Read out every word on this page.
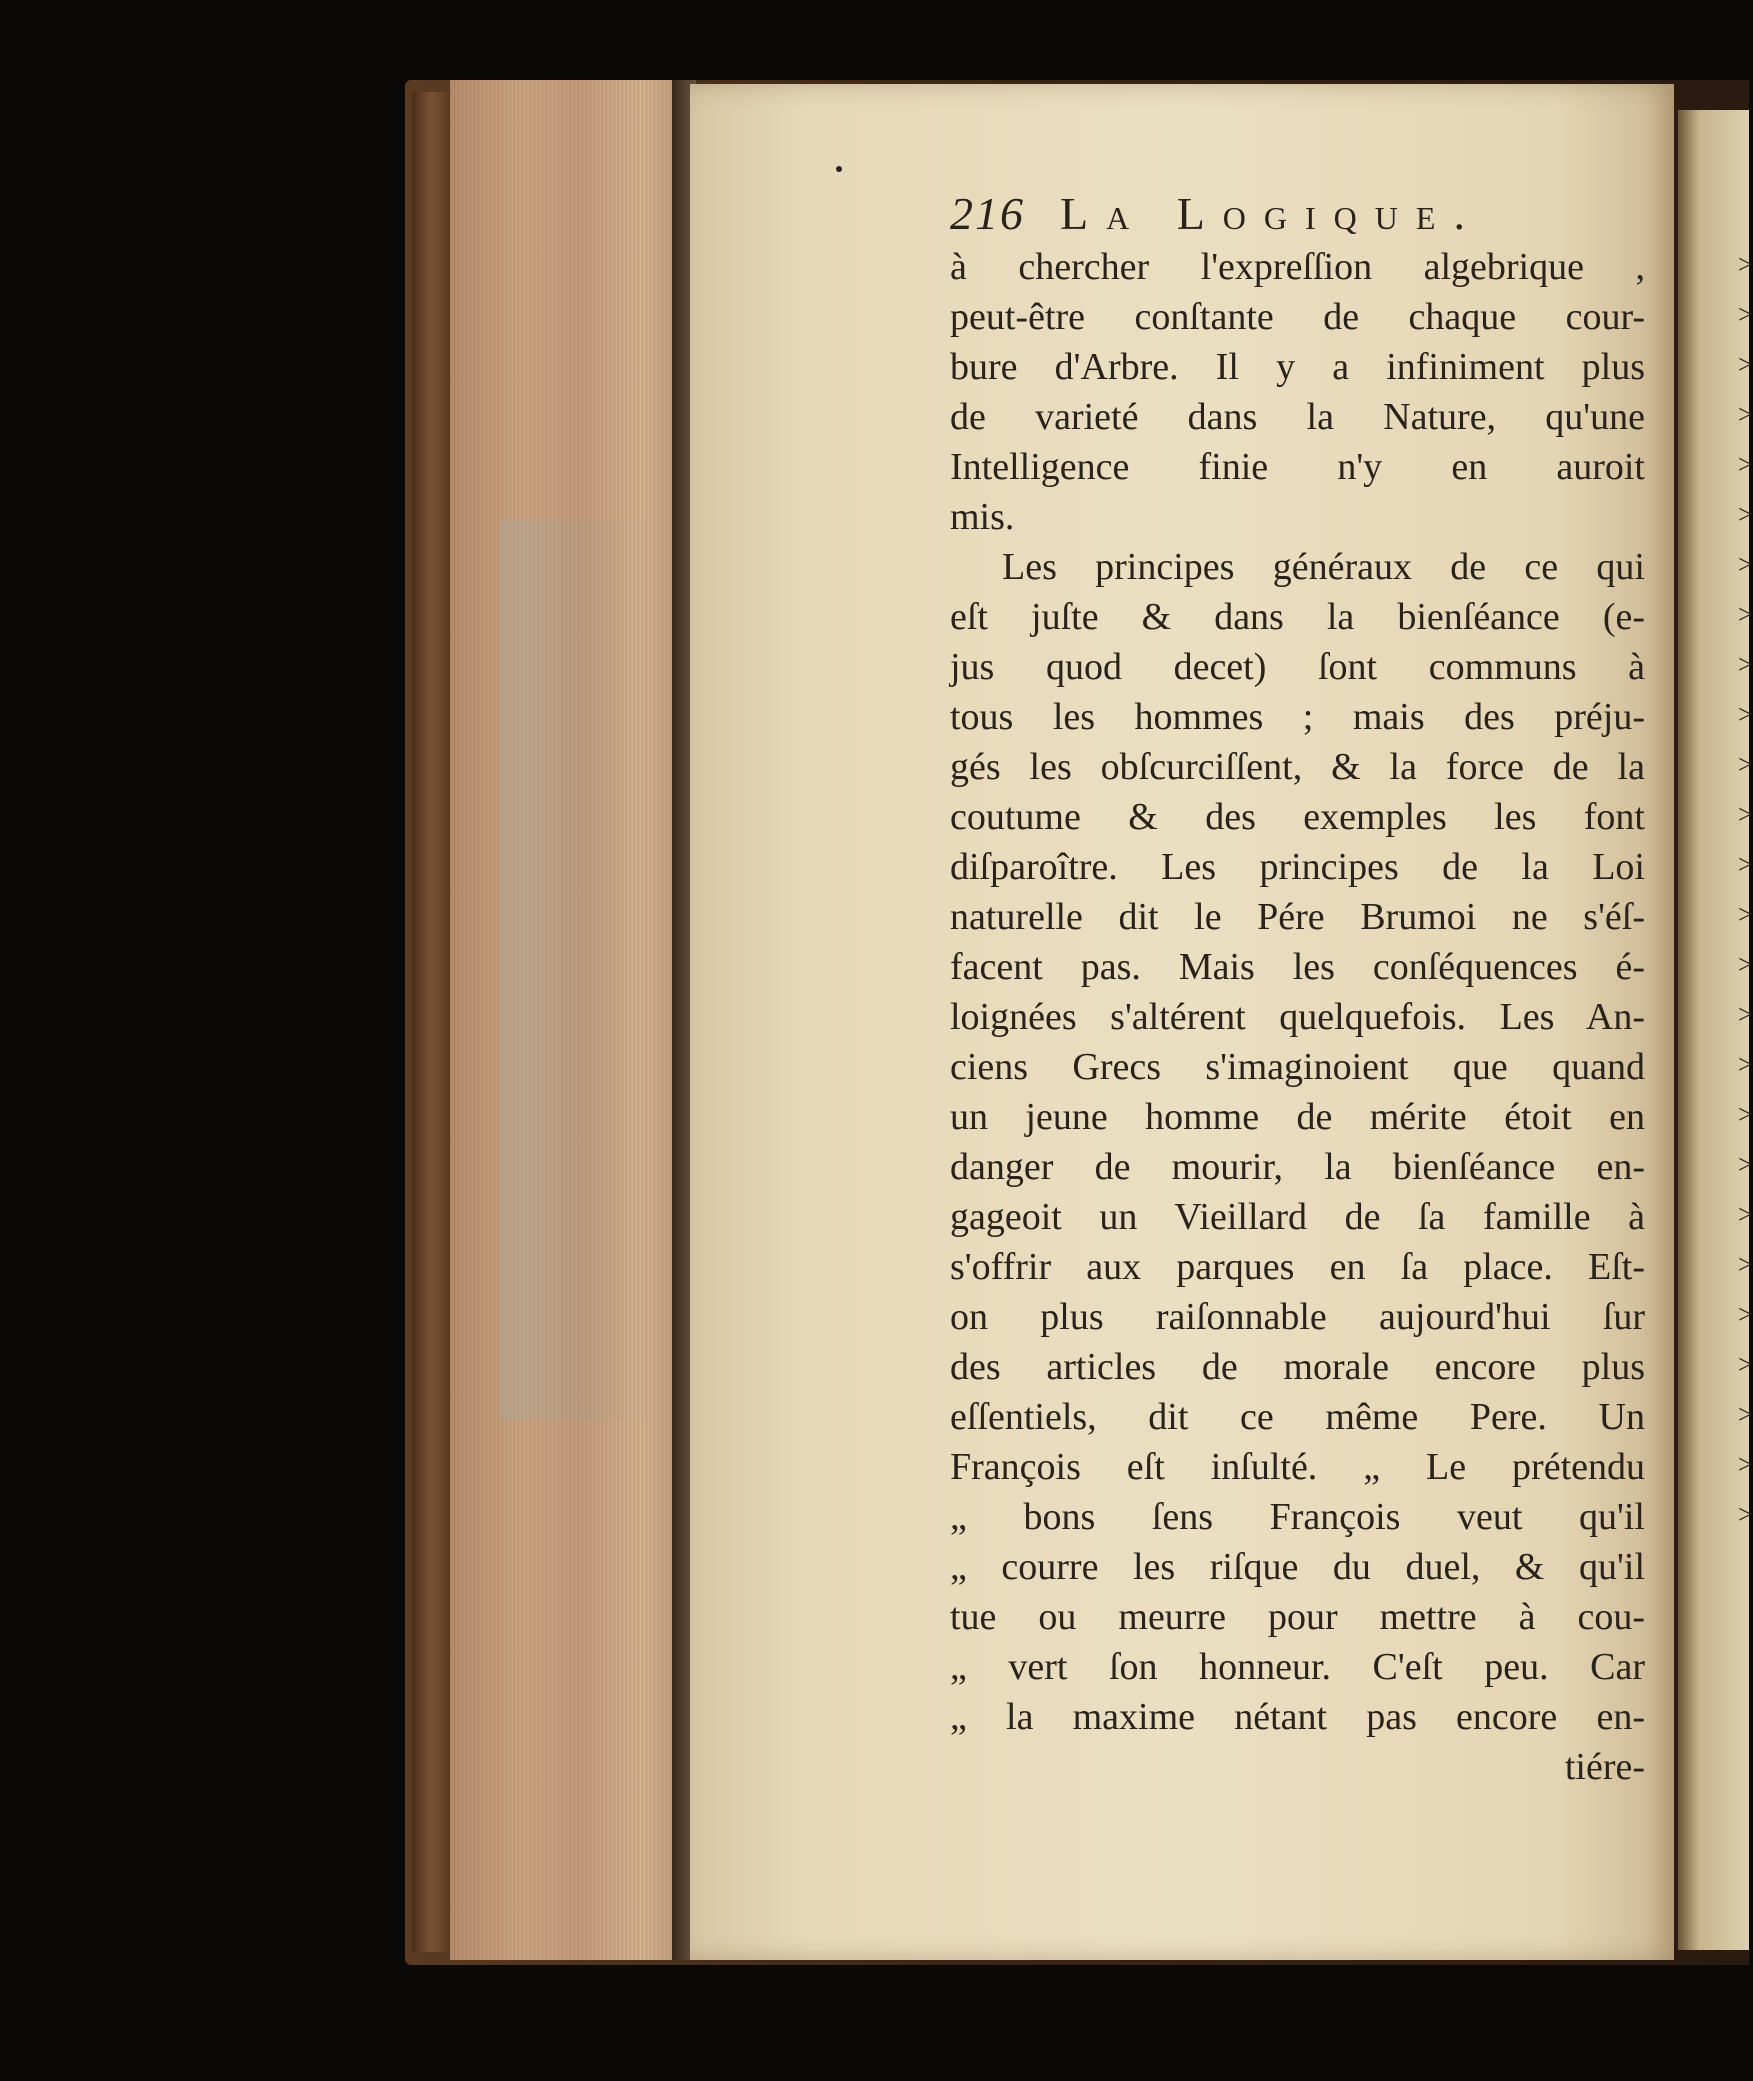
>
>
>
>
>
>
>
>
>
>
>
>
>
>
>
>
>
>
>
>
>
>
>
>
>
>
216 La Logique.
à chercher l'expreſſion algebrique ,
peut-être conſtante de chaque cour-
bure d'Arbre. Il y a infiniment plus
de varieté dans la Nature, qu'une
Intelligence finie n'y en auroit
mis.
Les principes généraux de ce qui
eſt juſte & dans la bienſéance (e-
jus quod decet) ſont communs à
tous les hommes ; mais des préju-
gés les obſcurciſſent, & la force de la
coutume & des exemples les font
diſparoître. Les principes de la Loi
naturelle dit le Pére Brumoi ne s'éſ-
facent pas. Mais les conſéquences é-
loignées s'altérent quelquefois. Les An-
ciens Grecs s'imaginoient que quand
un jeune homme de mérite étoit en
danger de mourir, la bienſéance en-
gageoit un Vieillard de ſa famille à
s'offrir aux parques en ſa place. Eſt-
on plus raiſonnable aujourd'hui ſur
des articles de morale encore plus
eſſentiels, dit ce même Pere. Un
François eſt inſulté. „ Le prétendu
„ bons ſens François veut qu'il
„ courre les riſque du duel, & qu'il
tue ou meurre pour mettre à cou-
„ vert ſon honneur. C'eſt peu. Car
„ la maxime nétant pas encore en-
tiére-
